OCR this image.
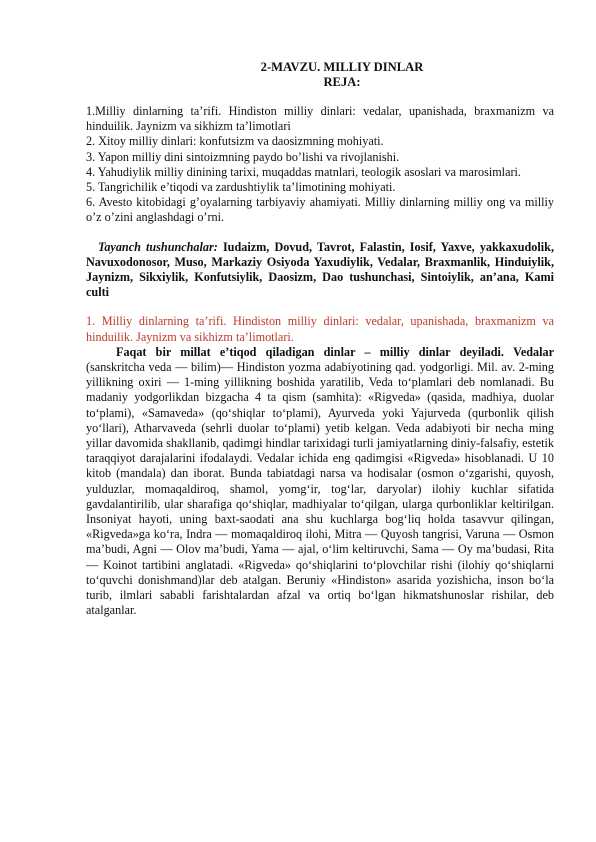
2-MAVZU. MILLIY DINLAR
REJA:

1.Milliy dinlarning ta’rifi. Hindiston milliy dinlari: vedalar, upanishada, braxmanizm va hinduilik. Jaynizm va sikhizm ta’limotlari

2. Xitoy milliy dinlari: konfutsizm va daosizmning mohiyati.

3. Yapon milliy dini sintoizmning paydo bo’lishi va rivojlanishi.

4. Yahudiylik milliy dinining tarixi, muqaddas matnlari, teologik asoslari va marosimlari.

5. Tangrichilik e’tiqodi va zardushtiylik ta’limotining mohiyati.

6. Avesto kitobidagi g’oyalarning tarbiyaviy ahamiyati. Milliy dinlarning milliy ong va milliy o’z o’zini anglashdagi o’rni.

Tayanch tushunchalar: Iudaizm, Dovud, Tavrot, Falastin, Iosif, Yaxve, yakkaxudolik, Navuxodonosor, Muso, Markaziy Osiyoda Yaxudiylik, Vedalar, Braxmanlik, Hinduiylik, Jaynizm, Sikxiylik, Konfutsiylik, Daosizm, Dao tushunchasi, Sintoiylik, an’ana, Kami culti

1. Milliy dinlarning ta’rifi. Hindiston milliy dinlari: vedalar, upanishada, braxmanizm va hinduilik. Jaynizm va sikhizm ta’limotlari.

Faqat bir millat e’tiqod qiladigan dinlar – milliy dinlar deyiladi. Vedalar (sanskritcha veda — bilim)— Hindiston yozma adabiyotining qad. yodgorligi. Mil. av. 2-ming yillikning oxiri — 1-ming yillikning boshida yaratilib, Veda to‘plamlari deb nomlanadi. Bu madaniy yodgorlikdan bizgacha 4 ta qism (samhita): «Rigveda» (qasida, madhiya, duolar to‘plami), «Samaveda» (qo‘shiqlar to‘plami), Ayurveda yoki Yajurveda (qurbonlik qilish yo‘llari), Atharvaveda (sehrli duolar to‘plami) yetib kelgan. Veda adabiyoti bir necha ming yillar davomida shakllanib, qadimgi hindlar tarixidagi turli jamiyatlarning diniy-falsafiy, estetik taraqqiyot darajalarini ifodalaydi. Vedalar ichida eng qadimgisi «Rigveda» hisoblanadi. U 10 kitob (mandala) dan iborat. Bunda tabiatdagi narsa va hodisalar (osmon o‘zgarishi, quyosh, yulduzlar, momaqaldiroq, shamol, yomg‘ir, tog‘lar, daryolar) ilohiy kuchlar sifatida gavdalantirilib, ular sharafiga qo‘shiqlar, madhiyalar to‘qilgan, ularga qurbonliklar keltirilgan. Insoniyat hayoti, uning baxt-saodati ana shu kuchlarga bog‘liq holda tasavvur qilingan, «Rigveda»ga ko‘ra, Indra — momaqaldiroq ilohi, Mitra — Quyosh tangrisi, Varuna — Osmon ma’budi, Agni — Olov ma’budi, Yama — ajal, o‘lim keltiruvchi, Sama — Oy ma’budasi, Rita — Koinot tartibini anglatadi. «Rigveda» qo‘shiqlarini to‘plovchilar rishi (ilohiy qo‘shiqlarni to‘quvchi donishmand)lar deb atalgan. Beruniy «Hindiston» asarida yozishicha, inson bo‘la turib, ilmlari sababli farishtalardan afzal va ortiq bo‘lgan hikmatshunoslar rishilar, deb atalganlar.
